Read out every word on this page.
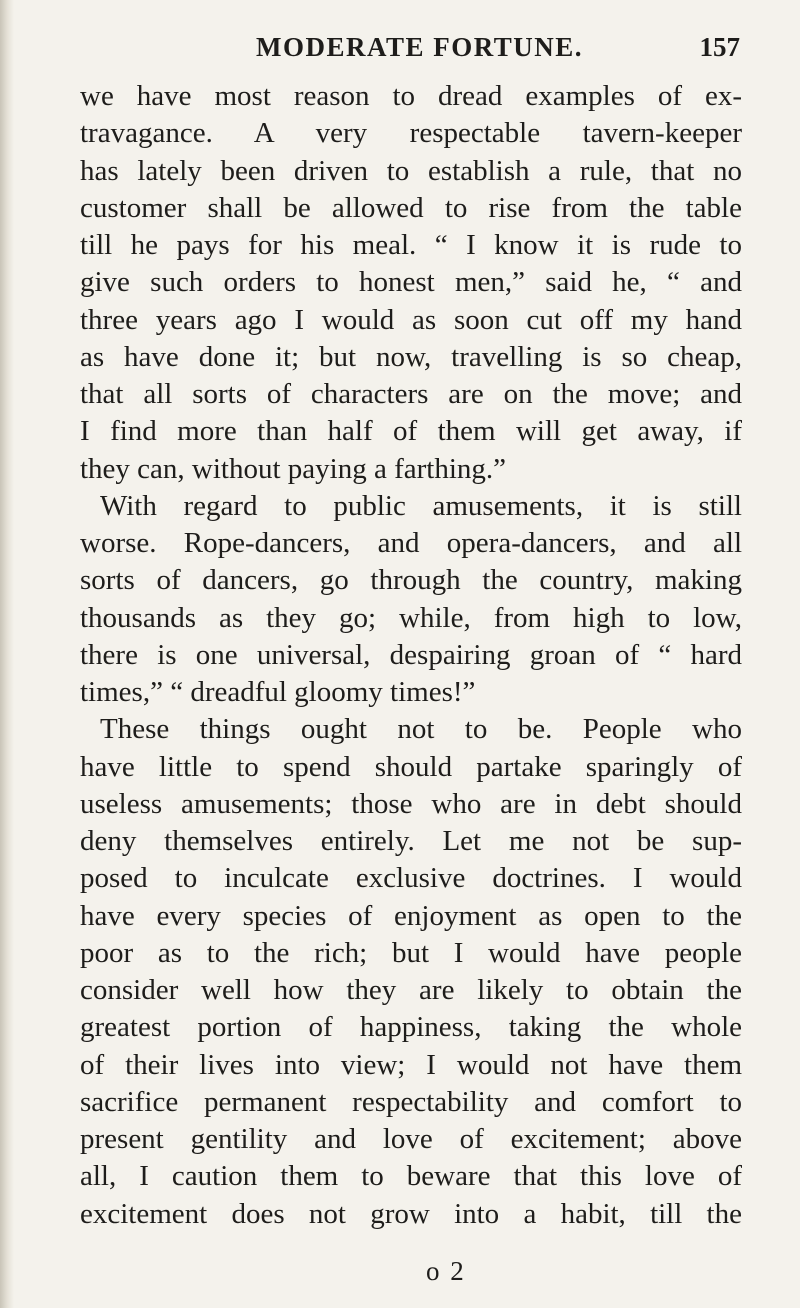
MODERATE FORTUNE.	157
we have most reason to dread examples of ex-
travagance. A very respectable tavern-keeper
has lately been driven to establish a rule, that no
customer shall be allowed to rise from the table
till he pays for his meal. “ I know it is rude to
give such orders to honest men,” said he, “ and
three years ago I would as soon cut off my hand
as have done it; but now, travelling is so cheap,
that all sorts of characters are on the move; and
I find more than half of them will get away, if
they can, without paying a farthing.”
With regard to public amusements, it is still
worse. Rope-dancers, and opera-dancers, and all
sorts of dancers, go through the country, making
thousands as they go; while, from high to low,
there is one universal, despairing groan of “ hard
times,” “ dreadful gloomy times!”
These things ought not to be. People who
have little to spend should partake sparingly of
useless amusements; those who are in debt should
deny themselves entirely. Let me not be sup-
posed to inculcate exclusive doctrines. I would
have every species of enjoyment as open to the
poor as to the rich; but I would have people
consider well how they are likely to obtain the
greatest portion of happiness, taking the whole
of their lives into view; I would not have them
sacrifice permanent respectability and comfort to
present gentility and love of excitement; above
all, I caution them to beware that this love of
excitement does not grow into a habit, till the
o 2
